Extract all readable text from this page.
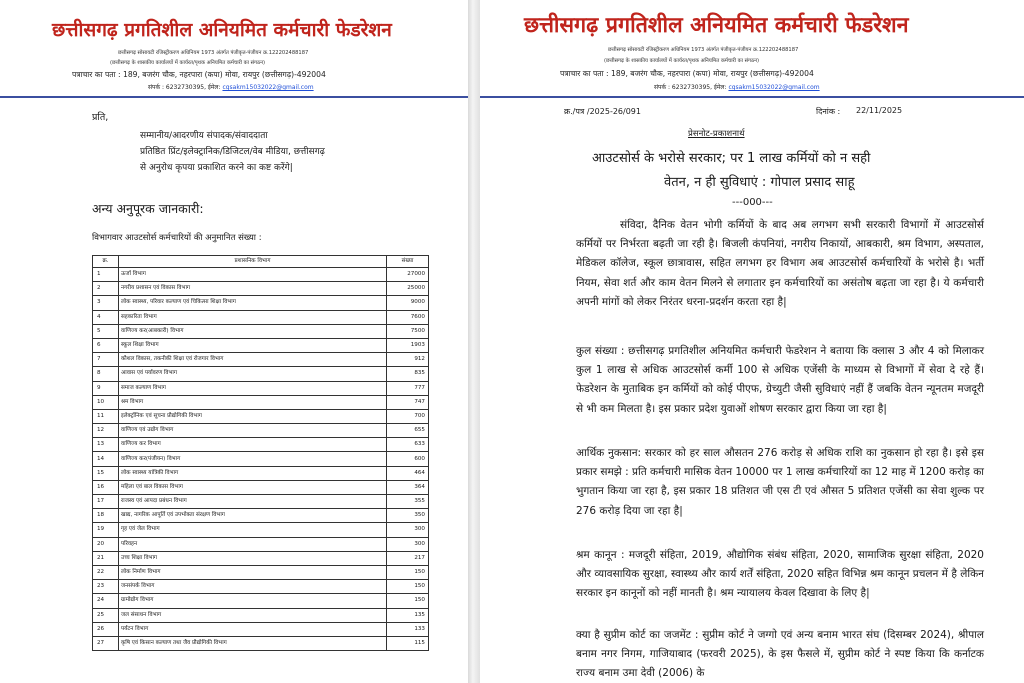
छत्तीसगढ़ प्रगतिशील अनियमित कर्मचारी फेडरेशन
छत्तीसगढ़ सोसायटी रजिस्ट्रीकरण अधिनियम 1973 अंतर्गत पंजीकृत-पंजीयन क्र.122202488187
(छत्तीसगढ़ के शासकीय कार्यालयों में कार्यरत/पृथक अनियमित कर्मचारी का संगठन)
पत्राचार का पता : 189, बजरंग चौक, नहरपारा (कपा) मोवा, रायपुर (छत्तीसगढ़)-492004
संपर्क : 6232730395, ईमेल: cgsakm15032022@gmail.com
प्रति,
सम्मानीय/आदरणीय संपादक/संवाददाता
प्रतिष्ठित प्रिंट/इलेक्ट्रानिक/डिजिटल/वेब मीडिया, छत्तीसगढ़
से अनुरोध कृपया प्रकाशित करने का कष्ट करेंगे|
अन्य अनुपूरक जानकारी:
विभागवार आउटसोर्स कर्मचारियों की अनुमानित संख्या :
क्र.	प्रशासनिक विभाग	संख्या
1	ऊर्जा विभाग	27000
2	नगरीय प्रशासन एवं विकास विभाग	25000
3	लोक स्वास्थ्य, परिवार कल्याण एवं चिकित्सा शिक्षा विभाग	9000
4	सहकारिता विभाग	7600
5	वाणिज्य कर(आबकारी) विभाग	7500
6	स्कूल शिक्षा विभाग	1903
7	कौशल विकास, तकनीकी शिक्षा एवं रोजगार विभाग	912
8	आवास एवं पर्यावरण विभाग	835
9	समाज कल्याण विभाग	777
10	श्रम विभाग	747
11	इलेक्ट्रॉनिक एवं सूचना प्रौद्योगिकी विभाग	700
12	वाणिज्य एवं उद्योग विभाग	655
13	वाणिज्य कर विभाग	633
14	वाणिज्य कर(पंजीयन) विभाग	600
15	लोक स्वास्थ्य यांत्रिकी विभाग	464
16	महिला एवं बाल विकास विभाग	364
17	राजस्व एवं आपदा प्रबंधन विभाग	355
18	खाद्य, नागरिक आपूर्ति एवं उपभोक्ता संरक्षण विभाग	350
19	गृह एवं जेल विभाग	300
20	परिवहन	300
21	उच्च शिक्षा विभाग	217
22	लोक निर्माण विभाग	150
23	जनसंपर्क विभाग	150
24	ग्रामोद्योग विभाग	150
25	जल संसाधन विभाग	135
26	पर्यटन विभाग	133
27	कृषि एवं किसान कल्याण तथा जैव प्रौद्योगिकी विभाग	115
छत्तीसगढ़ प्रगतिशील अनियमित कर्मचारी फेडरेशन
छत्तीसगढ़ सोसायटी रजिस्ट्रीकरण अधिनियम 1973 अंतर्गत पंजीकृत-पंजीयन क्र.122202488187
(छत्तीसगढ़ के शासकीय कार्यालयों में कार्यरत/पृथक अनियमित कर्मचारी का संगठन)
पत्राचार का पता : 189, बजरंग चौक, नहरपारा (कपा) मोवा, रायपुर (छत्तीसगढ़)-492004
संपर्क : 6232730395, ईमेल: cgsakm15032022@gmail.com
क्र./पत्र /2025-26/091	दिनांक : 22/11/2025
प्रेसनोट-प्रकाशनार्थ
आउटसोर्स के भरोसे सरकार; पर 1 लाख कर्मियों को न सही
वेतन, न ही सुविधाएं : गोपाल प्रसाद साहू
---000---
संविदा, दैनिक वेतन भोगी कर्मियों के बाद अब लगभग सभी सरकारी विभागों में आउटसोर्स कर्मियों पर निर्भरता बढ़ती जा रही है। बिजली कंपनियां, नगरीय निकायों, आबकारी, श्रम विभाग, अस्पताल, मेडिकल कॉलेज, स्कूल छात्रावास, सहित लगभग हर विभाग अब आउटसोर्स कर्मचारियों के भरोसे है। भर्ती नियम, सेवा शर्त और काम वेतन मिलने से लगातार इन कर्मचारियों का असंतोष बढ़ता जा रहा है। ये कर्मचारी अपनी मांगों को लेकर निरंतर धरना-प्रदर्शन करता रहा है|
कुल संख्या : छत्तीसगढ़ प्रगतिशील अनियमित कर्मचारी फेडरेशन ने बताया कि क्लास 3 और 4 को मिलाकर कुल 1 लाख से अधिक आउटसोर्स कर्मी 100 से अधिक एजेंसी के माध्यम से विभागों में सेवा दे रहे हैं। फेडरेशन के मुताबिक इन कर्मियों को कोई पीएफ, ग्रेच्युटी जैसी सुविधाएं नहीं हैं जबकि वेतन न्यूनतम मजदूरी से भी कम मिलता है। इस प्रकार प्रदेश युवाओं शोषण सरकार द्वारा किया जा रहा है|
आर्थिक नुकसान: सरकार को हर साल औसतन 276 करोड़ से अधिक राशि का नुकसान हो रहा है। इसे इस प्रकार समझे : प्रति कर्मचारी मासिक वेतन 10000 पर 1 लाख कर्मचारियों का 12 माह में 1200 करोड़ का भुगतान किया जा रहा है, इस प्रकार 18 प्रतिशत जी एस टी एवं औसत 5 प्रतिशत एजेंसी का सेवा शुल्क पर 276 करोड़ दिया जा रहा है|
श्रम कानून : मजदूरी संहिता, 2019, औद्योगिक संबंध संहिता, 2020, सामाजिक सुरक्षा संहिता, 2020 और व्यावसायिक सुरक्षा, स्वास्थ्य और कार्य शर्तें संहिता, 2020 सहित विभिन्न श्रम कानून प्रचलन में है लेकिन सरकार इन कानूनों को नहीं मानती है। श्रम न्यायालय केवल दिखावा के लिए है|
क्या है सुप्रीम कोर्ट का जजमेंट : सुप्रीम कोर्ट ने जग्गो एवं अन्य बनाम भारत संघ (दिसम्बर 2024), श्रीपाल बनाम नगर निगम, गाजियाबाद (फरवरी 2025), के इस फैसले में, सुप्रीम कोर्ट ने स्पष्ट किया कि कर्नाटक राज्य बनाम उमा देवी (2006) के
